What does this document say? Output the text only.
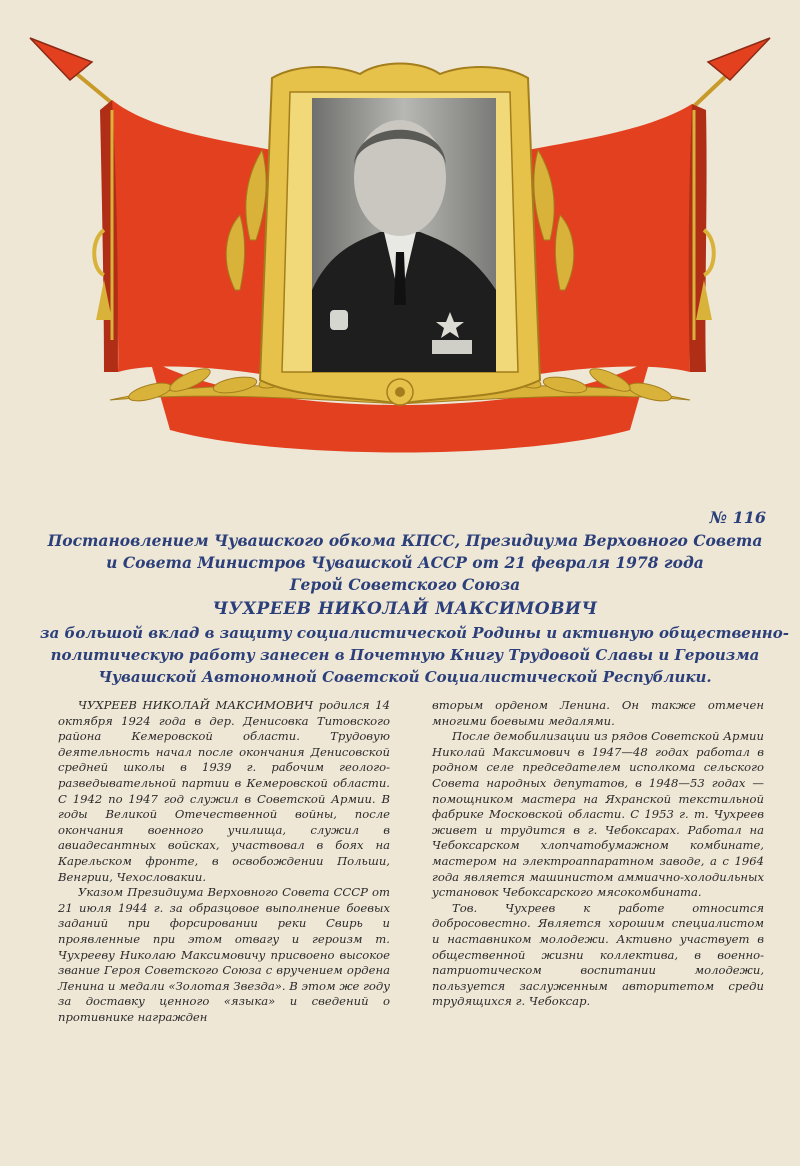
№ 116
Постановлением Чувашского обкома КПСС, Президиума Верховного Совета
и Совета Министров Чувашской АССР от 21 февраля 1978 года
Герой Советского Союза
ЧУХРЕЕВ НИКОЛАЙ МАКСИМОВИЧ
за большой вклад в защиту социалистической Родины и активную общественно-
политическую работу занесен в Почетную Книгу Трудовой Славы и Героизма
Чувашской Автономной Советской Социалистической Республики.

ЧУХРЕЕВ НИКОЛАЙ МАКСИМОВИЧ родился 14 октября 1924 года в дер. Денисовка Титовского района Кемеровской области. Трудовую деятельность начал после окончания Денисовской средней школы в 1939 г. рабочим геолого-разведывательной партии в Кемеровской области. С 1942 по 1947 год служил в Советской Армии. В годы Великой Отечественной войны, после окончания военного училища, служил в авиадесантных войсках, участвовал в боях на Карельском фронте, в освобождении Польши, Венгрии, Чехословакии.

Указом Президиума Верховного Совета СССР от 21 июля 1944 г. за образцовое выполнение боевых заданий при форсировании реки Свирь и проявленные при этом отвагу и героизм т. Чухрееву Николаю Максимовичу присвоено высокое звание Героя Советского Союза с вручением ордена Ленина и медали «Золотая Звезда». В этом же году за доставку ценного «языка» и сведений о противнике награжден

вторым орденом Ленина. Он также отмечен многими боевыми медалями.

После демобилизации из рядов Советской Армии Николай Максимович в 1947—48 годах работал в родном селе председателем исполкома сельского Совета народных депутатов, в 1948—53 годах — помощником мастера на Яхранской текстильной фабрике Московской области. С 1953 г. т. Чухреев живет и трудится в г. Чебоксарах. Работал на Чебоксарском хлопчатобумажном комбинате, мастером на электроаппаратном заводе, а с 1964 года является машинистом аммиачно-холодильных установок Чебоксарского мясокомбината.

Тов. Чухреев к работе относится добросовестно. Является хорошим специалистом и наставником молодежи. Активно участвует в общественной жизни коллектива, в военно-патриотическом воспитании молодежи, пользуется заслуженным авторитетом среди трудящихся г. Чебоксар.
